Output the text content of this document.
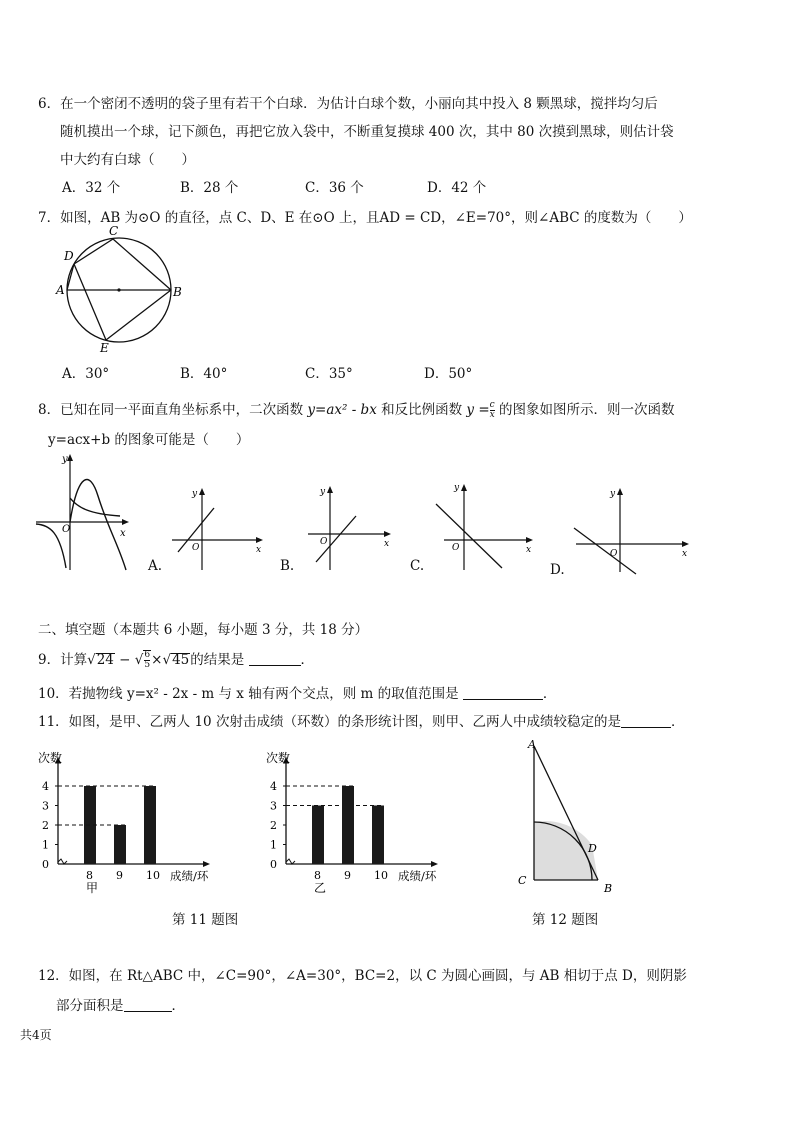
6．在一个密闭不透明的袋子里有若干个白球．为估计白球个数，小丽向其中投入 8 颗黑球，搅拌均匀后
随机摸出一个球，记下颜色，再把它放入袋中，不断重复摸球 400 次，其中 80 次摸到黑球，则估计袋
中大约有白球（　　）
A．32 个	B．28 个	C．36 个	D．42 个
7．如图，AB 为⊙O 的直径，点 C、D、E 在⊙O 上，且AD = CD，∠E=70°，则∠ABC 的度数为（　　）
C
D
A	B
E
A．30°	B．40°	C．35°	D．50°
8．已知在同一平面直角坐标系中，二次函数 y=ax² - bx 和反比例函数 $y = \frac{c}{x}$ 的图象如图所示．则一次函数
y=acx+b 的图象可能是（　　）
y
x
O
y
x
O
A.
y
x
O
B.
y
x
O
C.
y
x
O
D.
二、填空题（本题共 6 小题，每小题 3 分，共 18 分）
9．计算√24 − √ $\frac{6}{5} \times√45$的结果是	．
10．若抛物线 y=x² - 2x - m 与 x 轴有两个交点，则 m 的取值范围是	．
11．如图，是甲、乙两人 10 次射击成绩（环数）的条形统计图，则甲、乙两人中成绩较稳定的是	．
次数
0
1
2
3
4
8 9 10 成绩/环
甲
次数
0
1
2
3
4
8 9 10 成绩/环
乙
A
D
C
B
第 11 题图	第 12 题图
12．如图，在 Rt△ABC 中，∠C=90°，∠A=30°，BC=2，以 C 为圆心画圆，与 AB 相切于点 D，则阴影
部分面积是	．
共4页
